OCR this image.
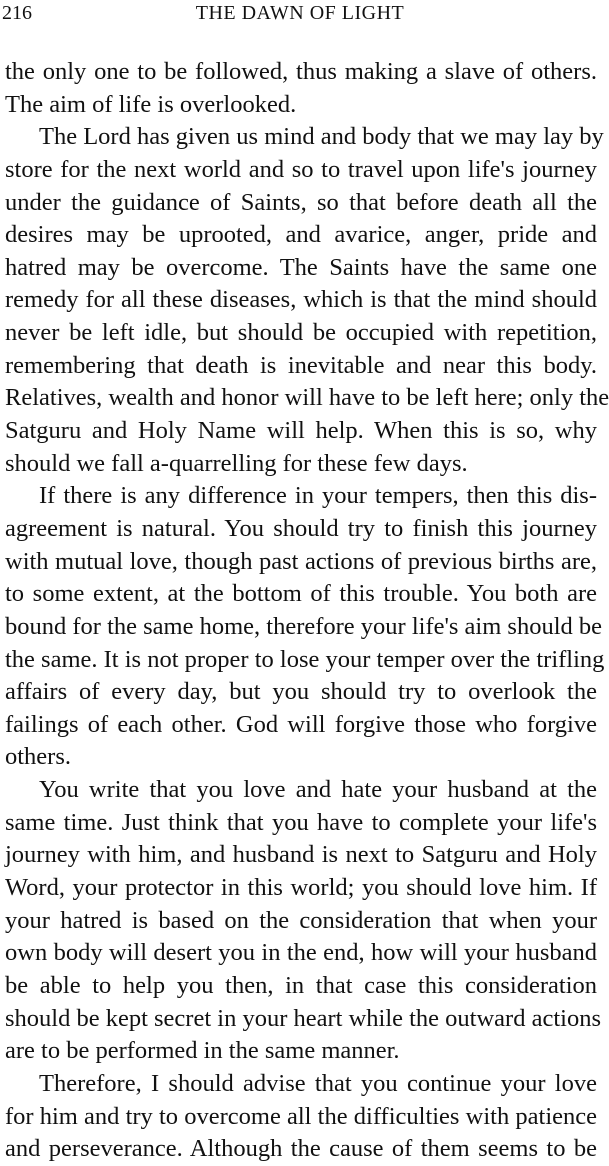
216	THE DAWN OF LIGHT
the only one to be followed, thus making a slave of others.
The aim of life is overlooked.
The Lord has given us mind and body that we may lay by
store for the next world and so to travel upon life's journey
under the guidance of Saints, so that before death all the
desires may be uprooted, and avarice, anger, pride and
hatred may be overcome. The Saints have the same one
remedy for all these diseases, which is that the mind should
never be left idle, but should be occupied with repetition,
remembering that death is inevitable and near this body.
Relatives, wealth and honor will have to be left here; only the
Satguru and Holy Name will help. When this is so, why
should we fall a-quarrelling for these few days.
If there is any difference in your tempers, then this dis-
agreement is natural. You should try to finish this journey
with mutual love, though past actions of previous births are,
to some extent, at the bottom of this trouble. You both are
bound for the same home, therefore your life's aim should be
the same. It is not proper to lose your temper over the trifling
affairs of every day, but you should try to overlook the
failings of each other. God will forgive those who forgive
others.
You write that you love and hate your husband at the
same time. Just think that you have to complete your life's
journey with him, and husband is next to Satguru and Holy
Word, your protector in this world; you should love him. If
your hatred is based on the consideration that when your
own body will desert you in the end, how will your husband
be able to help you then, in that case this consideration
should be kept secret in your heart while the outward actions
are to be performed in the same manner.
Therefore, I should advise that you continue your love
for him and try to overcome all the difficulties with patience
and perseverance. Although the cause of them seems to be
